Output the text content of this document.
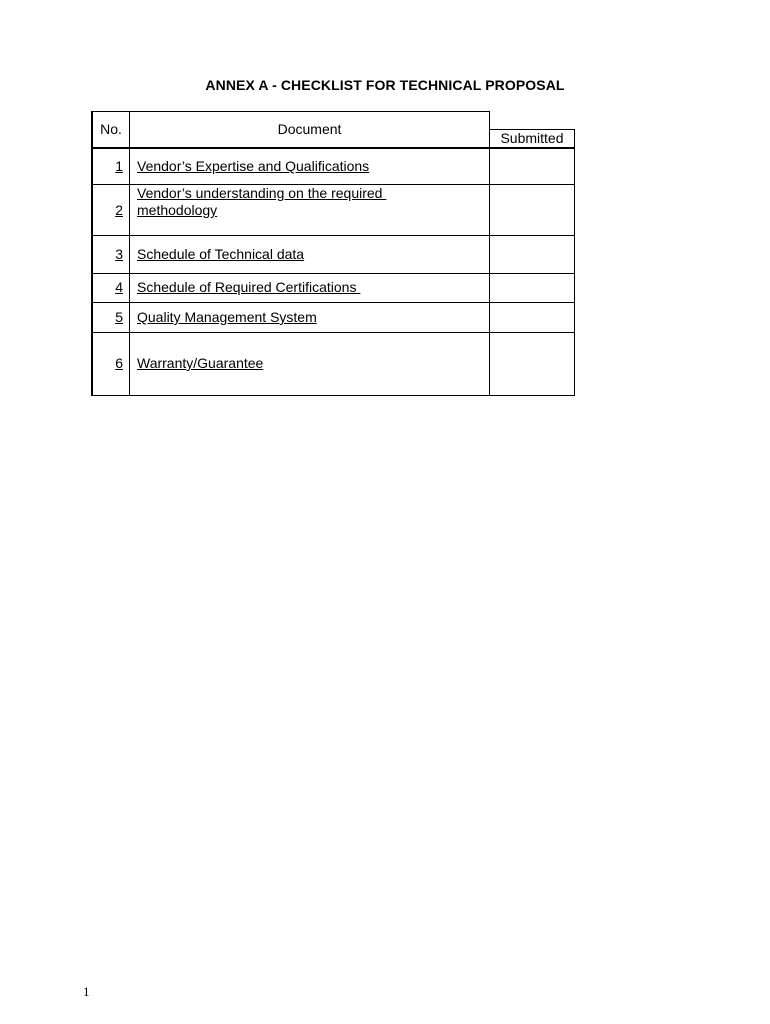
ANNEX A - CHECKLIST FOR TECHNICAL PROPOSAL
No.	Document
Submitted
1 Vendor’s Expertise and Qualifications
2
Vendor’s understanding on the required
methodology
3 Schedule of Technical data
4 Schedule of Required Certifications
5 Quality Management System
6 Warranty/Guarantee
1
